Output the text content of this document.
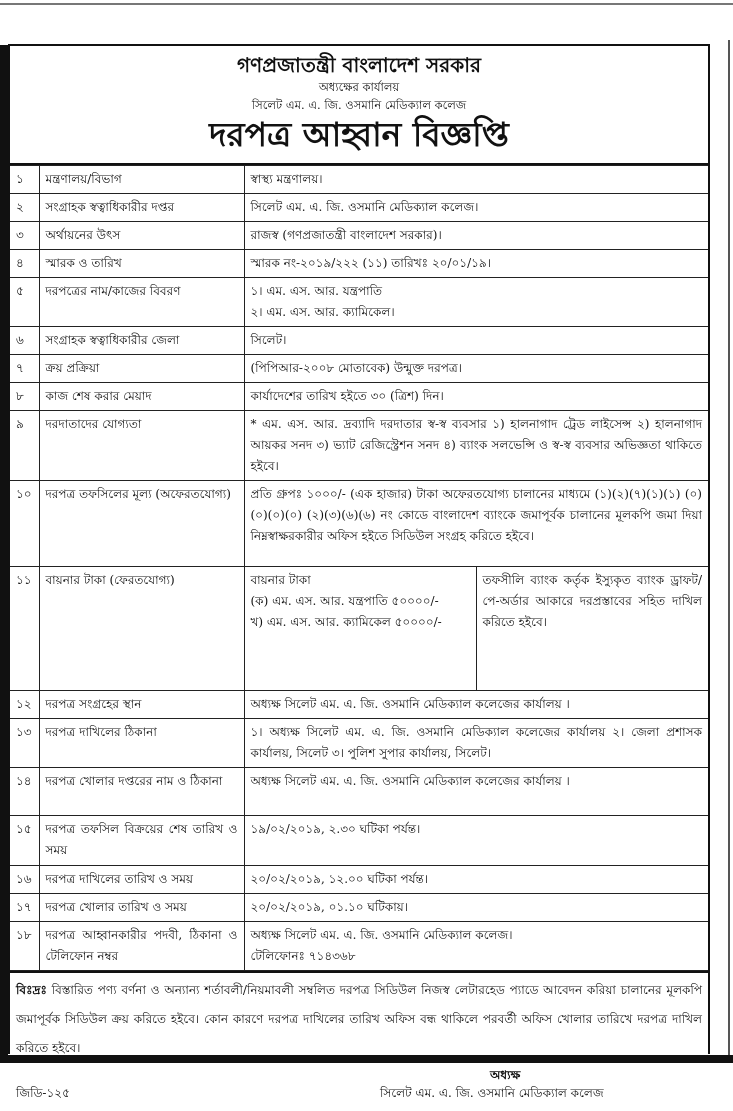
গণপ্রজাতন্ত্রী বাংলাদেশ সরকার
অধ্যক্ষের কার্যালয়
সিলেট এম. এ. জি. ওসমানি মেডিক্যাল কলেজ
দরপত্র আহ্বান বিজ্ঞপ্তি
১	মন্ত্রণালয়/বিভাগ	স্বাস্থ্য মন্ত্রণালয়।	

২	সংগ্রাহক স্বত্বাধিকারীর দপ্তর	সিলেট এম. এ. জি. ওসমানি মেডিক্যাল কলেজ।	

৩	অর্থায়নের উৎস	রাজস্ব (গণপ্রজাতন্ত্রী বাংলাদেশ সরকার)।	

৪	স্মারক ও তারিখ	স্মারক নং-২০১৯/২২২ (১১) তারিখঃ ২০/০১/১৯।	

৫	দরপত্রের নাম/কাজের বিবরণ	১। এম. এস. আর. যন্ত্রপাতি
২। এম. এস. আর. ক্যামিকেল।	

৬	সংগ্রাহক স্বত্বাধিকারীর জেলা	সিলেট।	

৭	ক্রয় প্রক্রিয়া	(পিপিআর-২০০৮ মোতাবেক) উন্মুক্ত দরপত্র।	

৮	কাজ শেষ করার মেয়াদ	কার্যাদেশের তারিখ হইতে ৩০ (ত্রিশ) দিন।	

৯	দরদাতাদের যোগ্যতা	* এম. এস. আর. দ্রব্যাদি দরদাতার স্ব-স্ব ব্যবসার ১) হালনাগাদ ট্রেড লাইসেন্স ২) হালনাগাদ আয়কর সনদ ৩) ভ্যাট রেজিস্ট্রেশন সনদ ৪) ব্যাংক সলভেন্সি ও স্ব-স্ব ব্যবসার অভিজ্ঞতা থাকিতে হইবে।	

১০	দরপত্র তফসিলের মূল্য (অফেরতযোগ্য)	প্রতি গ্রুপঃ ১০০০/- (এক হাজার) টাকা অফেরতযোগ্য চালানের মাধ্যমে (১)(২)(৭)(১)(১) (০)(০)(০)(০) (২)(৩)(৬)(৬) নং কোডে বাংলাদেশ ব্যাংকে জমাপূর্বক চালানের মূলকপি জমা দিয়া নিম্নস্বাক্ষরকারীর অফিস হইতে সিডিউল সংগ্রহ করিতে হইবে।	

১১	বায়নার টাকা (ফেরতযোগ্য)	বায়নার টাকা
(ক) এম. এস. আর. যন্ত্রপাতি ৫০০০০/-
খ) এম. এস. আর. ক্যামিকেল ৫০০০০/-	তফসীলি ব্যাংক কর্তৃক ইস্যুকৃত ব্যাংক ড্রাফট/পে-অর্ডার আকারে দরপ্রস্তাবের সহিত দাখিল করিতে হইবে।
১২	দরপত্র সংগ্রহের স্থান	অধ্যক্ষ সিলেট এম. এ. জি. ওসমানি মেডিক্যাল কলেজের কার্যালয় ।	

১৩	দরপত্র দাখিলের ঠিকানা	১। অধ্যক্ষ সিলেট এম. এ. জি. ওসমানি মেডিক্যাল কলেজের কার্যালয় ২। জেলা প্রশাসক কার্যালয়, সিলেট ৩। পুলিশ সুপার কার্যালয়, সিলেট।	

১৪	দরপত্র খোলার দপ্তরের নাম ও ঠিকানা	অধ্যক্ষ সিলেট এম. এ. জি. ওসমানি মেডিক্যাল কলেজের কার্যালয় ।	

১৫	দরপত্র তফসিল বিক্রয়ের শেষ তারিখ ও সময়	১৯/০২/২০১৯, ২.৩০ ঘটিকা পর্যন্ত।	

১৬	দরপত্র দাখিলের তারিখ ও সময়	২০/০২/২০১৯, ১২.০০ ঘটিকা পর্যন্ত।	

১৭	দরপত্র খোলার তারিখ ও সময়	২০/০২/২০১৯, ০১.১০ ঘটিকায়।	

১৮	দরপত্র আহ্বানকারীর পদবী, ঠিকানা ও টেলিফোন নম্বর	অধ্যক্ষ সিলেট এম. এ. জি. ওসমানি মেডিক্যাল কলেজ।
টেলিফোনঃ ৭১৪৩৬৮	
বিঃদ্রঃ বিস্তারিত পণ্য বর্ণনা ও অন্যান্য শর্তাবলী/নিয়মাবলী সম্বলিত দরপত্র সিডিউল নিজস্ব লেটারহেড প্যাডে আবেদন করিয়া চালানের মূলকপি জমাপূর্বক সিডিউল ক্রয় করিতে হইবে। কোন কারণে দরপত্র দাখিলের তারিখ অফিস বন্ধ থাকিলে পরবর্তী অফিস খোলার তারিখে দরপত্র দাখিল করিতে হইবে।
জিডি-১২৫
অধ্যক্ষ
সিলেট এম. এ. জি. ওসমানি মেডিক্যাল কলেজ
